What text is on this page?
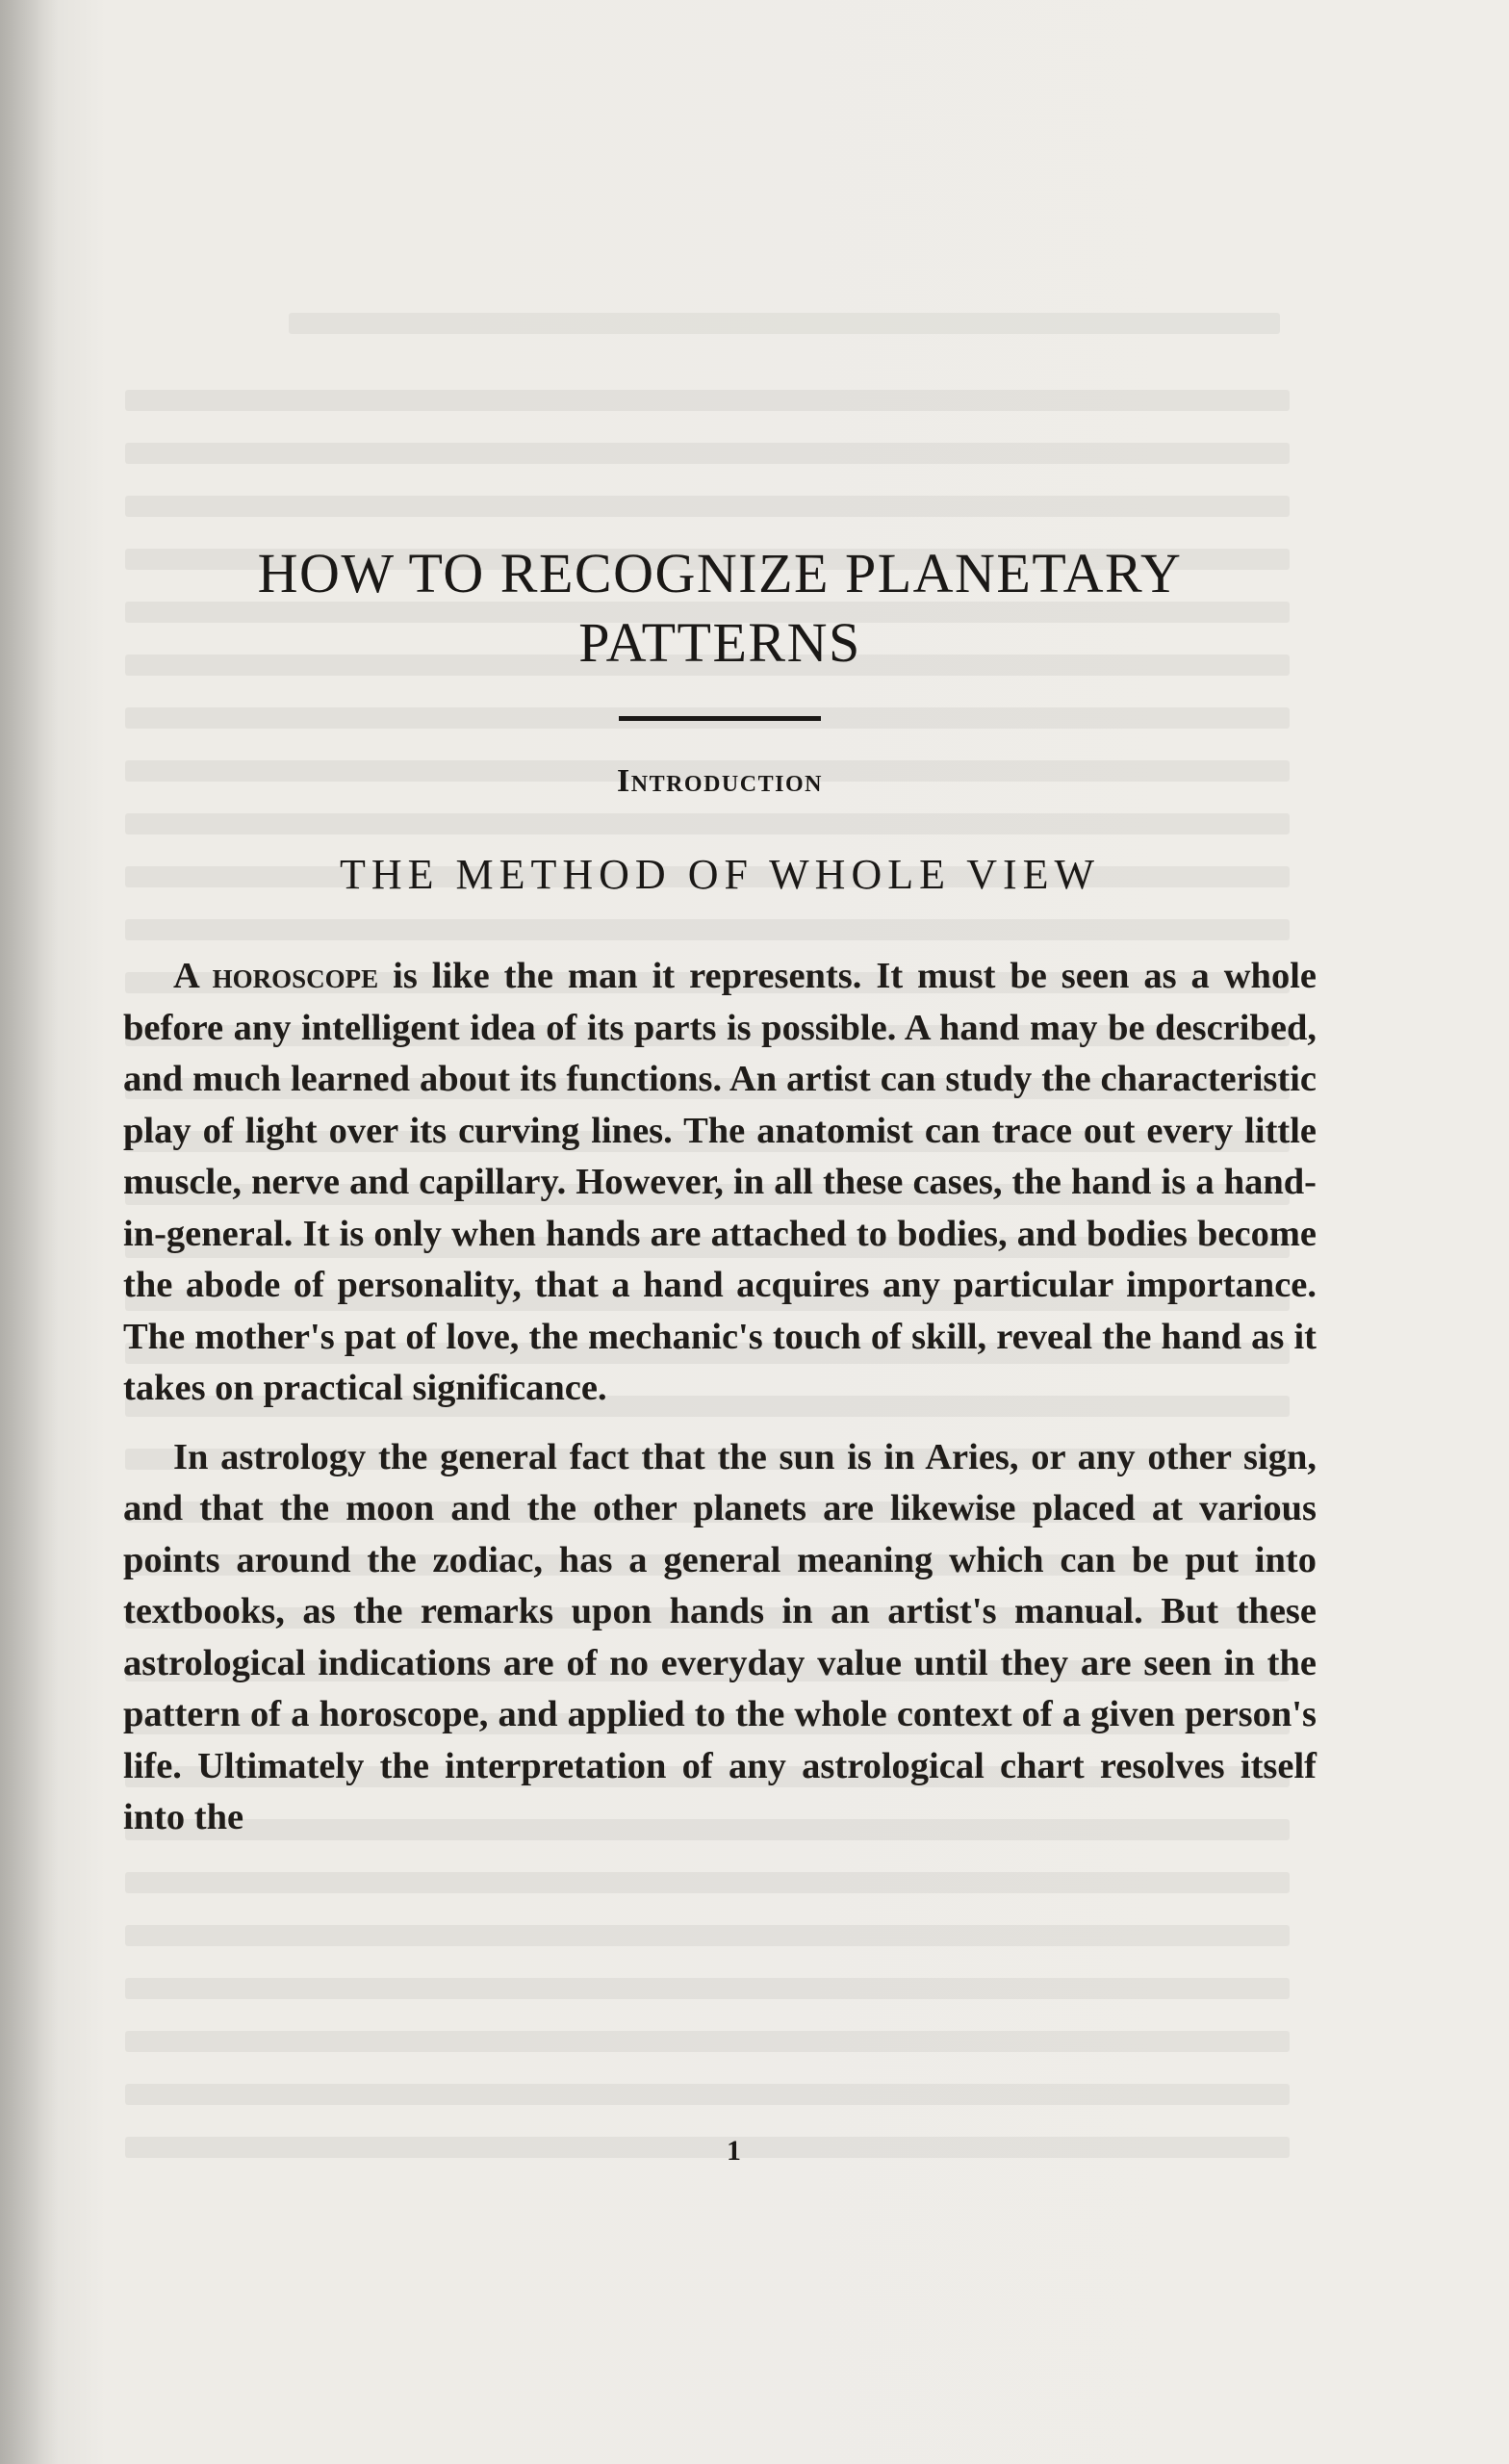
HOW TO RECOGNIZE PLANETARY PATTERNS
Introduction
THE METHOD OF WHOLE VIEW

A horoscope is like the man it represents. It must be seen as a whole before any intelligent idea of its parts is possible. A hand may be described, and much learned about its functions. An artist can study the characteristic play of light over its curving lines. The anatomist can trace out every little muscle, nerve and capillary. However, in all these cases, the hand is a hand-in-general. It is only when hands are attached to bodies, and bodies become the abode of personality, that a hand acquires any particular importance. The mother's pat of love, the mechanic's touch of skill, reveal the hand as it takes on practical significance.

In astrology the general fact that the sun is in Aries, or any other sign, and that the moon and the other planets are likewise placed at various points around the zodiac, has a general meaning which can be put into textbooks, as the remarks upon hands in an artist's manual. But these astrological indications are of no everyday value until they are seen in the pattern of a horoscope, and applied to the whole context of a given person's life. Ultimately the interpretation of any astrological chart resolves itself into the

1
